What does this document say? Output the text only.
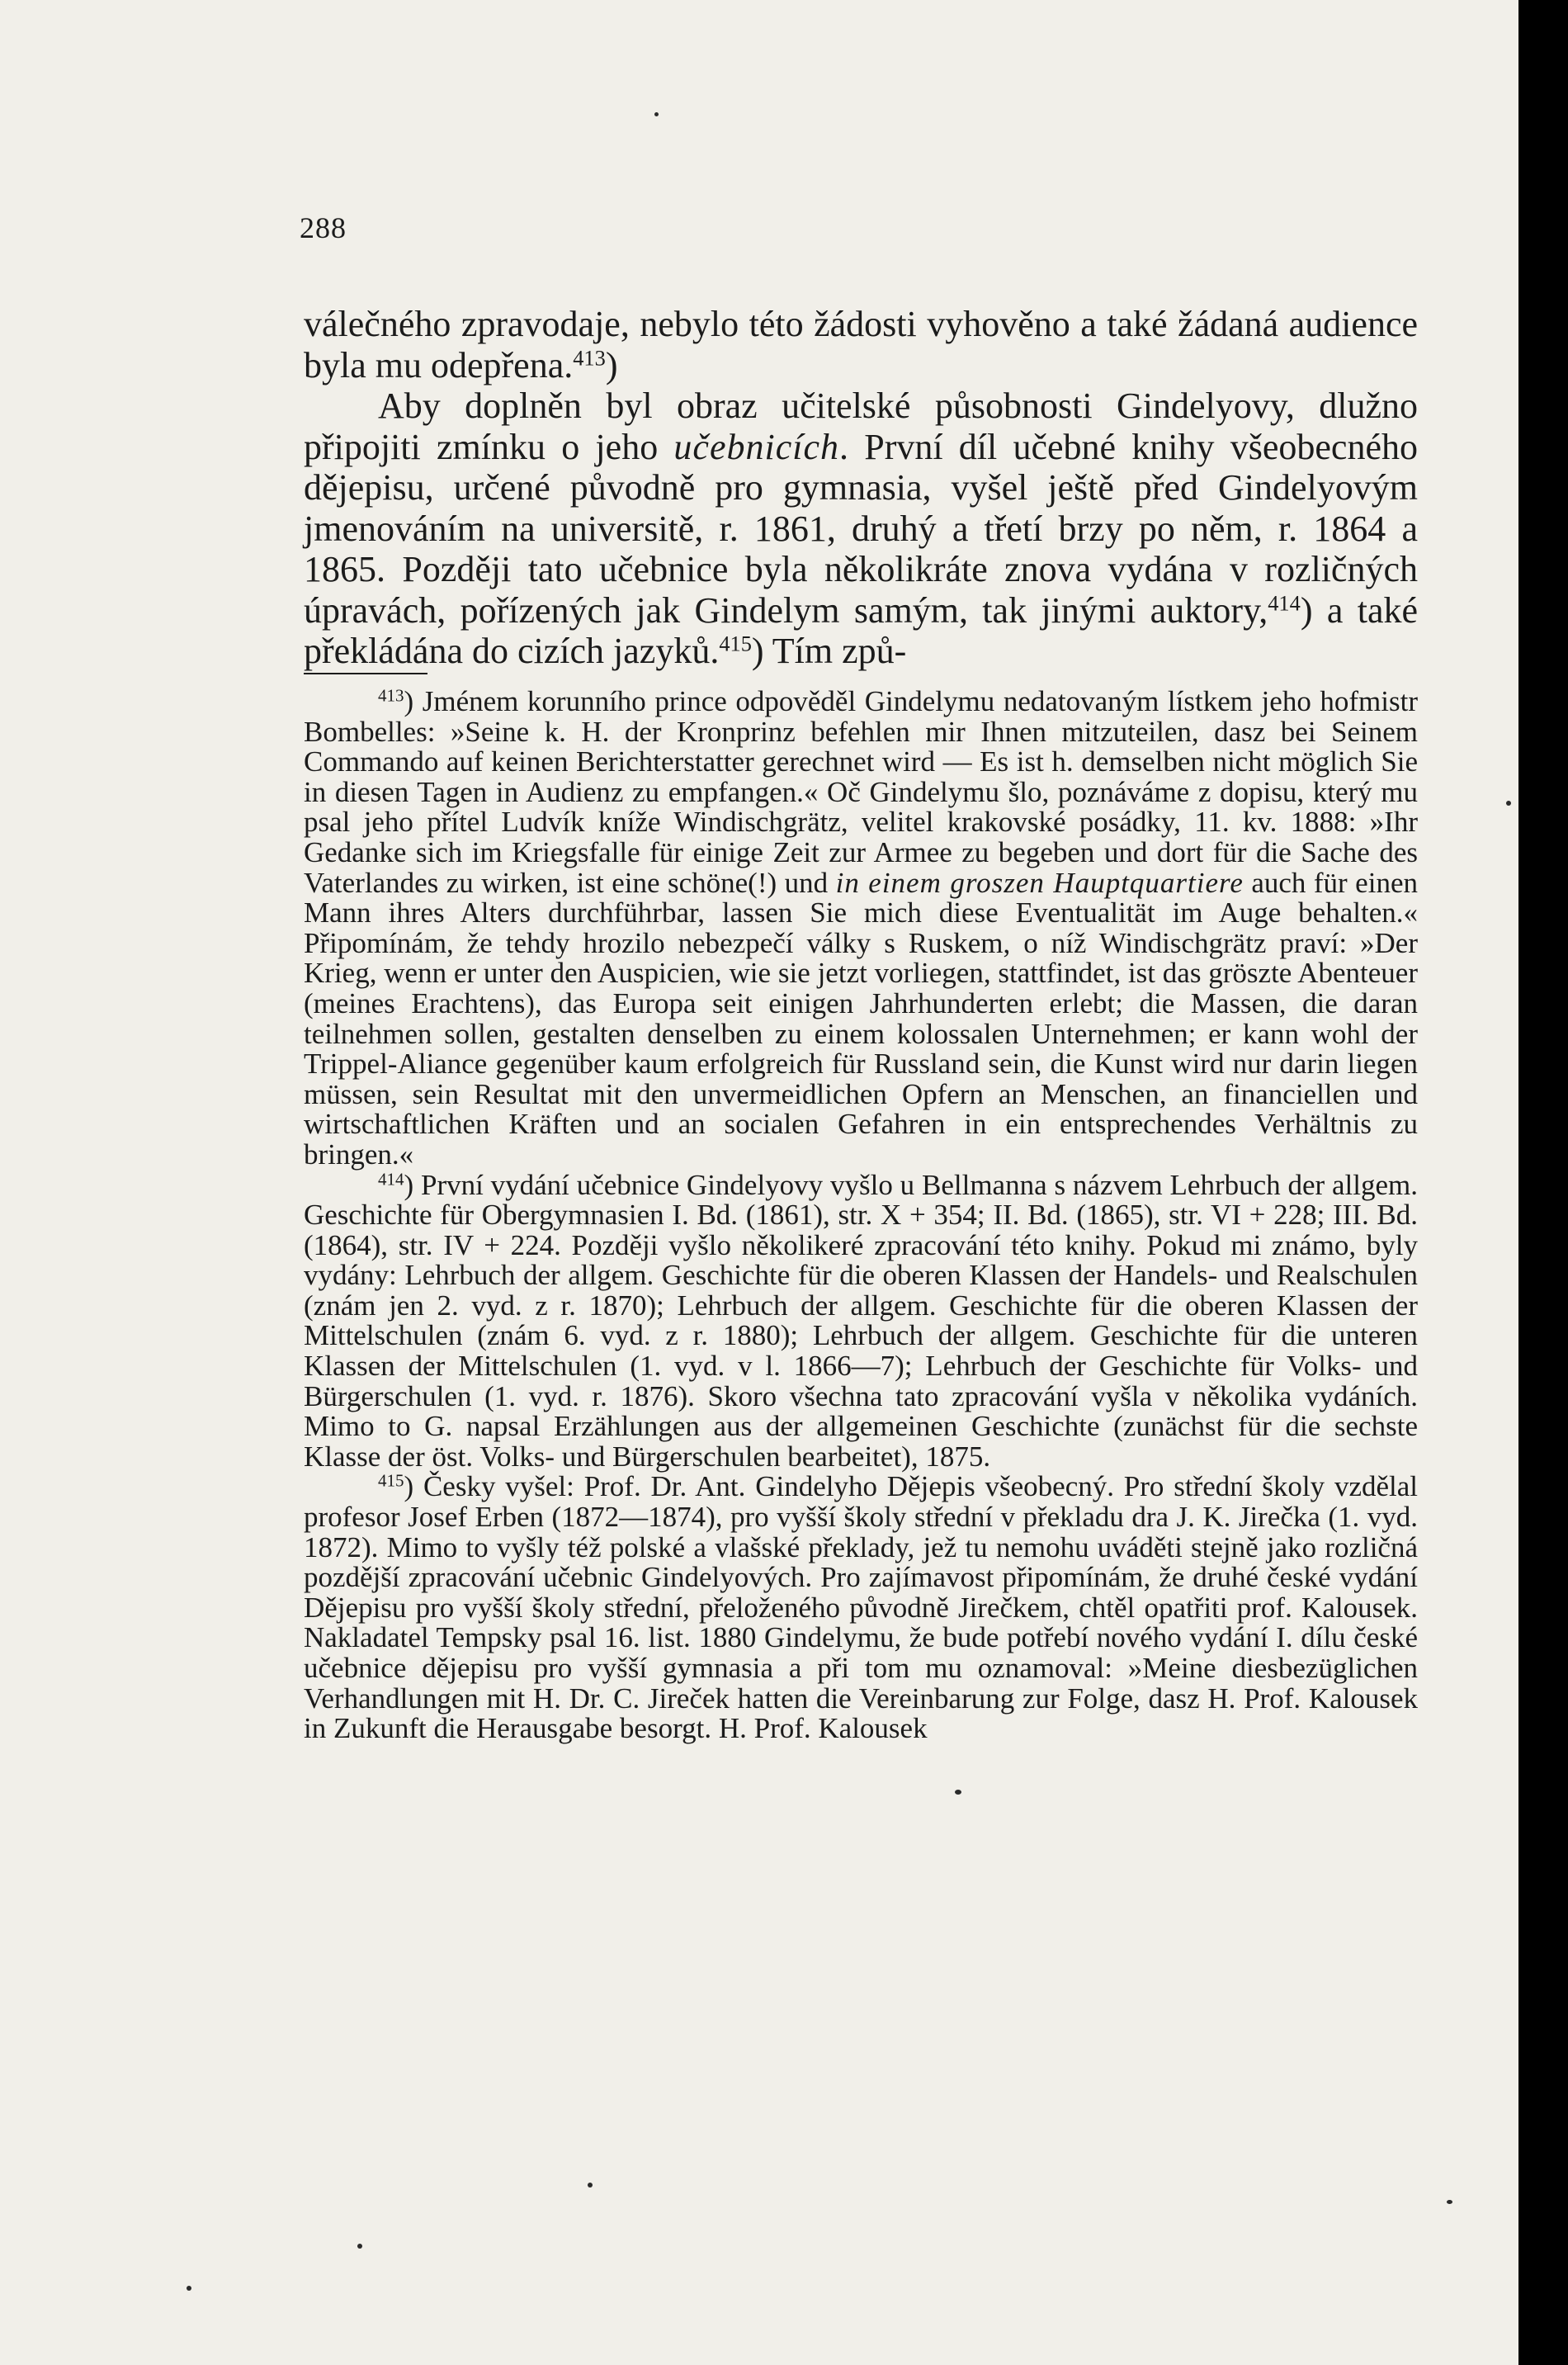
288

válečného zpravodaje, nebylo této žádosti vyhověno a také žádaná audience byla mu odepřena.$^{413}$)

Aby doplněn byl obraz učitelské působnosti Gindelyovy, dlužno připojiti zmínku o jeho učebnicích. První díl učebné knihy všeobecného dějepisu, určené původně pro gymnasia, vyšel ještě před Gindelyovým jmenováním na universitě, r. 1861, druhý a třetí brzy po něm, r. 1864 a 1865. Později tato učebnice byla několikráte znova vydána v rozličných úpravách, pořízených jak Gindelym samým, tak jinými auktory,$^{414}$) a také překládána do cizích jazyků.$^{415}$) Tím způ-

$^{413}$) Jménem korunního prince odpověděl Gindelymu nedatovaným lístkem jeho hofmistr Bombelles: »Seine k. H. der Kronprinz befehlen mir Ihnen mitzuteilen, dasz bei Seinem Commando auf keinen Berichterstatter gerechnet wird — Es ist h. demselben nicht möglich Sie in diesen Tagen in Audienz zu empfangen.« Oč Gindelymu šlo, poznáváme z dopisu, který mu psal jeho přítel Ludvík kníže Windischgrätz, velitel krakovské posádky, 11. kv. 1888: »Ihr Gedanke sich im Kriegsfalle für einige Zeit zur Armee zu begeben und dort für die Sache des Vaterlandes zu wirken, ist eine schöne(!) und in einem groszen Hauptquartiere auch für einen Mann ihres Alters durchführbar, lassen Sie mich diese Eventualität im Auge behalten.« Připomínám, že tehdy hrozilo nebezpečí války s Ruskem, o níž Windischgrätz praví: »Der Krieg, wenn er unter den Auspicien, wie sie jetzt vorliegen, stattfindet, ist das gröszte Abenteuer (meines Erachtens), das Europa seit einigen Jahrhunderten erlebt; die Massen, die daran teilnehmen sollen, gestalten denselben zu einem kolossalen Unternehmen; er kann wohl der Trippel-Aliance gegenüber kaum erfolgreich für Russland sein, die Kunst wird nur darin liegen müssen, sein Resultat mit den unvermeidlichen Opfern an Menschen, an financiellen und wirtschaftlichen Kräften und an socialen Gefahren in ein entsprechendes Verhältnis zu bringen.«

$^{414}$) První vydání učebnice Gindelyovy vyšlo u Bellmanna s názvem Lehrbuch der allgem. Geschichte für Obergymnasien I. Bd. (1861), str. X + 354; II. Bd. (1865), str. VI + 228; III. Bd. (1864), str. IV + 224. Později vyšlo několikeré zpracování této knihy. Pokud mi známo, byly vydány: Lehrbuch der allgem. Geschichte für die oberen Klassen der Handels- und Realschulen (znám jen 2. vyd. z r. 1870); Lehrbuch der allgem. Geschichte für die oberen Klassen der Mittelschulen (znám 6. vyd. z r. 1880); Lehrbuch der allgem. Geschichte für die unteren Klassen der Mittelschulen (1. vyd. v l. 1866—7); Lehrbuch der Geschichte für Volks- und Bürgerschulen (1. vyd. r. 1876). Skoro všechna tato zpracování vyšla v několika vydáních. Mimo to G. napsal Erzählungen aus der allgemeinen Geschichte (zunächst für die sechste Klasse der öst. Volks- und Bürgerschulen bearbeitet), 1875.

$^{415}$) Česky vyšel: Prof. Dr. Ant. Gindelyho Dějepis všeobecný. Pro střední školy vzdělal profesor Josef Erben (1872—1874), pro vyšší školy střední v překladu dra J. K. Jirečka (1. vyd. 1872). Mimo to vyšly též polské a vlašské překlady, jež tu nemohu uváděti stejně jako rozličná pozdější zpracování učebnic Gindelyových. Pro zajímavost připomínám, že druhé české vydání Dějepisu pro vyšší školy střední, přeloženého původně Jirečkem, chtěl opatřiti prof. Kalousek. Nakladatel Tempsky psal 16. list. 1880 Gindelymu, že bude potřebí nového vydání I. dílu české učebnice dějepisu pro vyšší gymnasia a při tom mu oznamoval: »Meine diesbezüglichen Verhandlungen mit H. Dr. C. Jireček hatten die Vereinbarung zur Folge, dasz H. Prof. Kalousek in Zukunft die Herausgabe besorgt. H. Prof. Kalousek
